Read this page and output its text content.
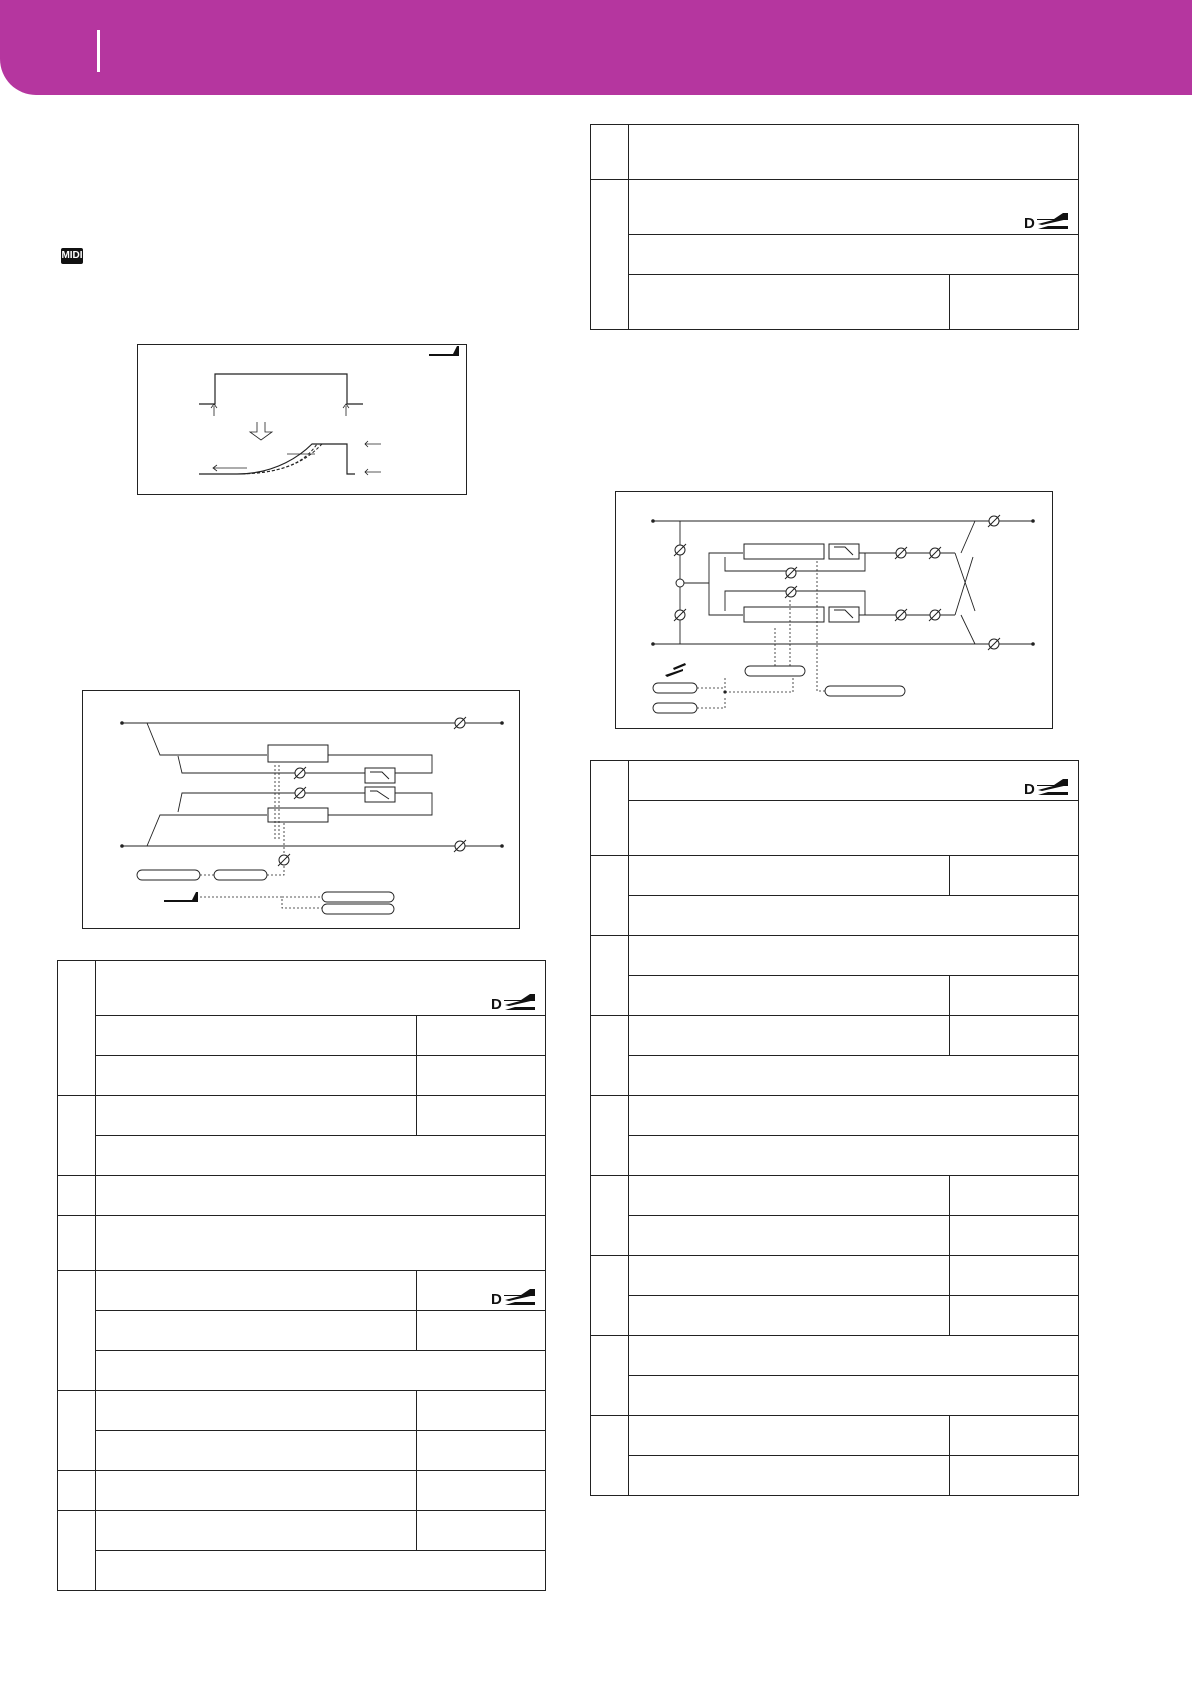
MIDI
